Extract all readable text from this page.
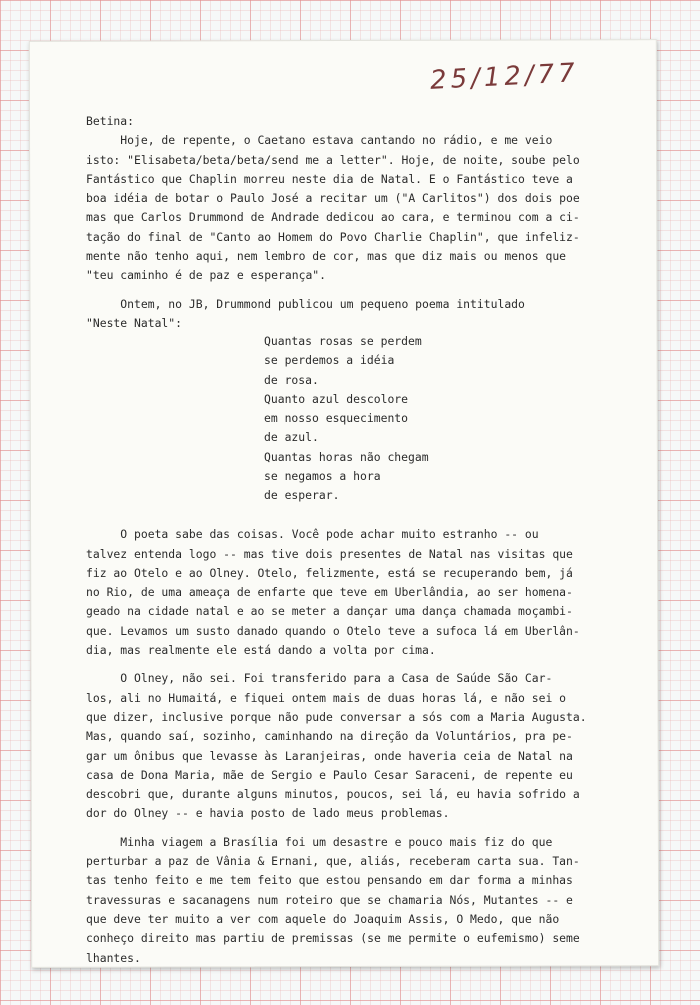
25/12/77
Betina:
Hoje, de repente, o Caetano estava cantando no rádio, e me veio
isto: "Elisabeta/beta/beta/send me a letter". Hoje, de noite, soube pelo
Fantástico que Chaplin morreu neste dia de Natal. E o Fantástico teve a
boa idéia de botar o Paulo José a recitar um ("A Carlitos") dos dois poe
mas que Carlos Drummond de Andrade dedicou ao cara, e terminou com a ci-
tação do final de "Canto ao Homem do Povo Charlie Chaplin", que infeliz-
mente não tenho aqui, nem lembro de cor, mas que diz mais ou menos que
"teu caminho é de paz e esperança".
Ontem, no JB, Drummond publicou um pequeno poema intitulado
"Neste Natal":
O poeta sabe das coisas. Você pode achar muito estranho -- ou
talvez entenda logo -- mas tive dois presentes de Natal nas visitas que
fiz ao Otelo e ao Olney. Otelo, felizmente, está se recuperando bem, já
no Rio, de uma ameaça de enfarte que teve em Uberlândia, ao ser homena-
geado na cidade natal e ao se meter a dançar uma dança chamada moçambi-
que. Levamos um susto danado quando o Otelo teve a sufoca lá em Uberlân-
dia, mas realmente ele está dando a volta por cima.
O Olney, não sei. Foi transferido para a Casa de Saúde São Car-
los, ali no Humaitá, e fiquei ontem mais de duas horas lá, e não sei o
que dizer, inclusive porque não pude conversar a sós com a Maria Augusta.
Mas, quando saí, sozinho, caminhando na direção da Voluntários, pra pe-
gar um ônibus que levasse às Laranjeiras, onde haveria ceia de Natal na
casa de Dona Maria, mãe de Sergio e Paulo Cesar Saraceni, de repente eu
descobri que, durante alguns minutos, poucos, sei lá, eu havia sofrido a
dor do Olney -- e havia posto de lado meus problemas.
Minha viagem a Brasília foi um desastre e pouco mais fiz do que
perturbar a paz de Vânia & Ernani, que, aliás, receberam carta sua. Tan-
tas tenho feito e me tem feito que estou pensando em dar forma a minhas
travessuras e sacanagens num roteiro que se chamaria Nós, Mutantes -- e
que deve ter muito a ver com aquele do Joaquim Assis, O Medo, que não
conheço direito mas partiu de premissas (se me permite o eufemismo) seme
lhantes.
Quantas rosas se perdem
se perdemos a idéia
de rosa.
Quanto azul descolore
em nosso esquecimento
de azul.
Quantas horas não chegam
se negamos a hora
de esperar.
